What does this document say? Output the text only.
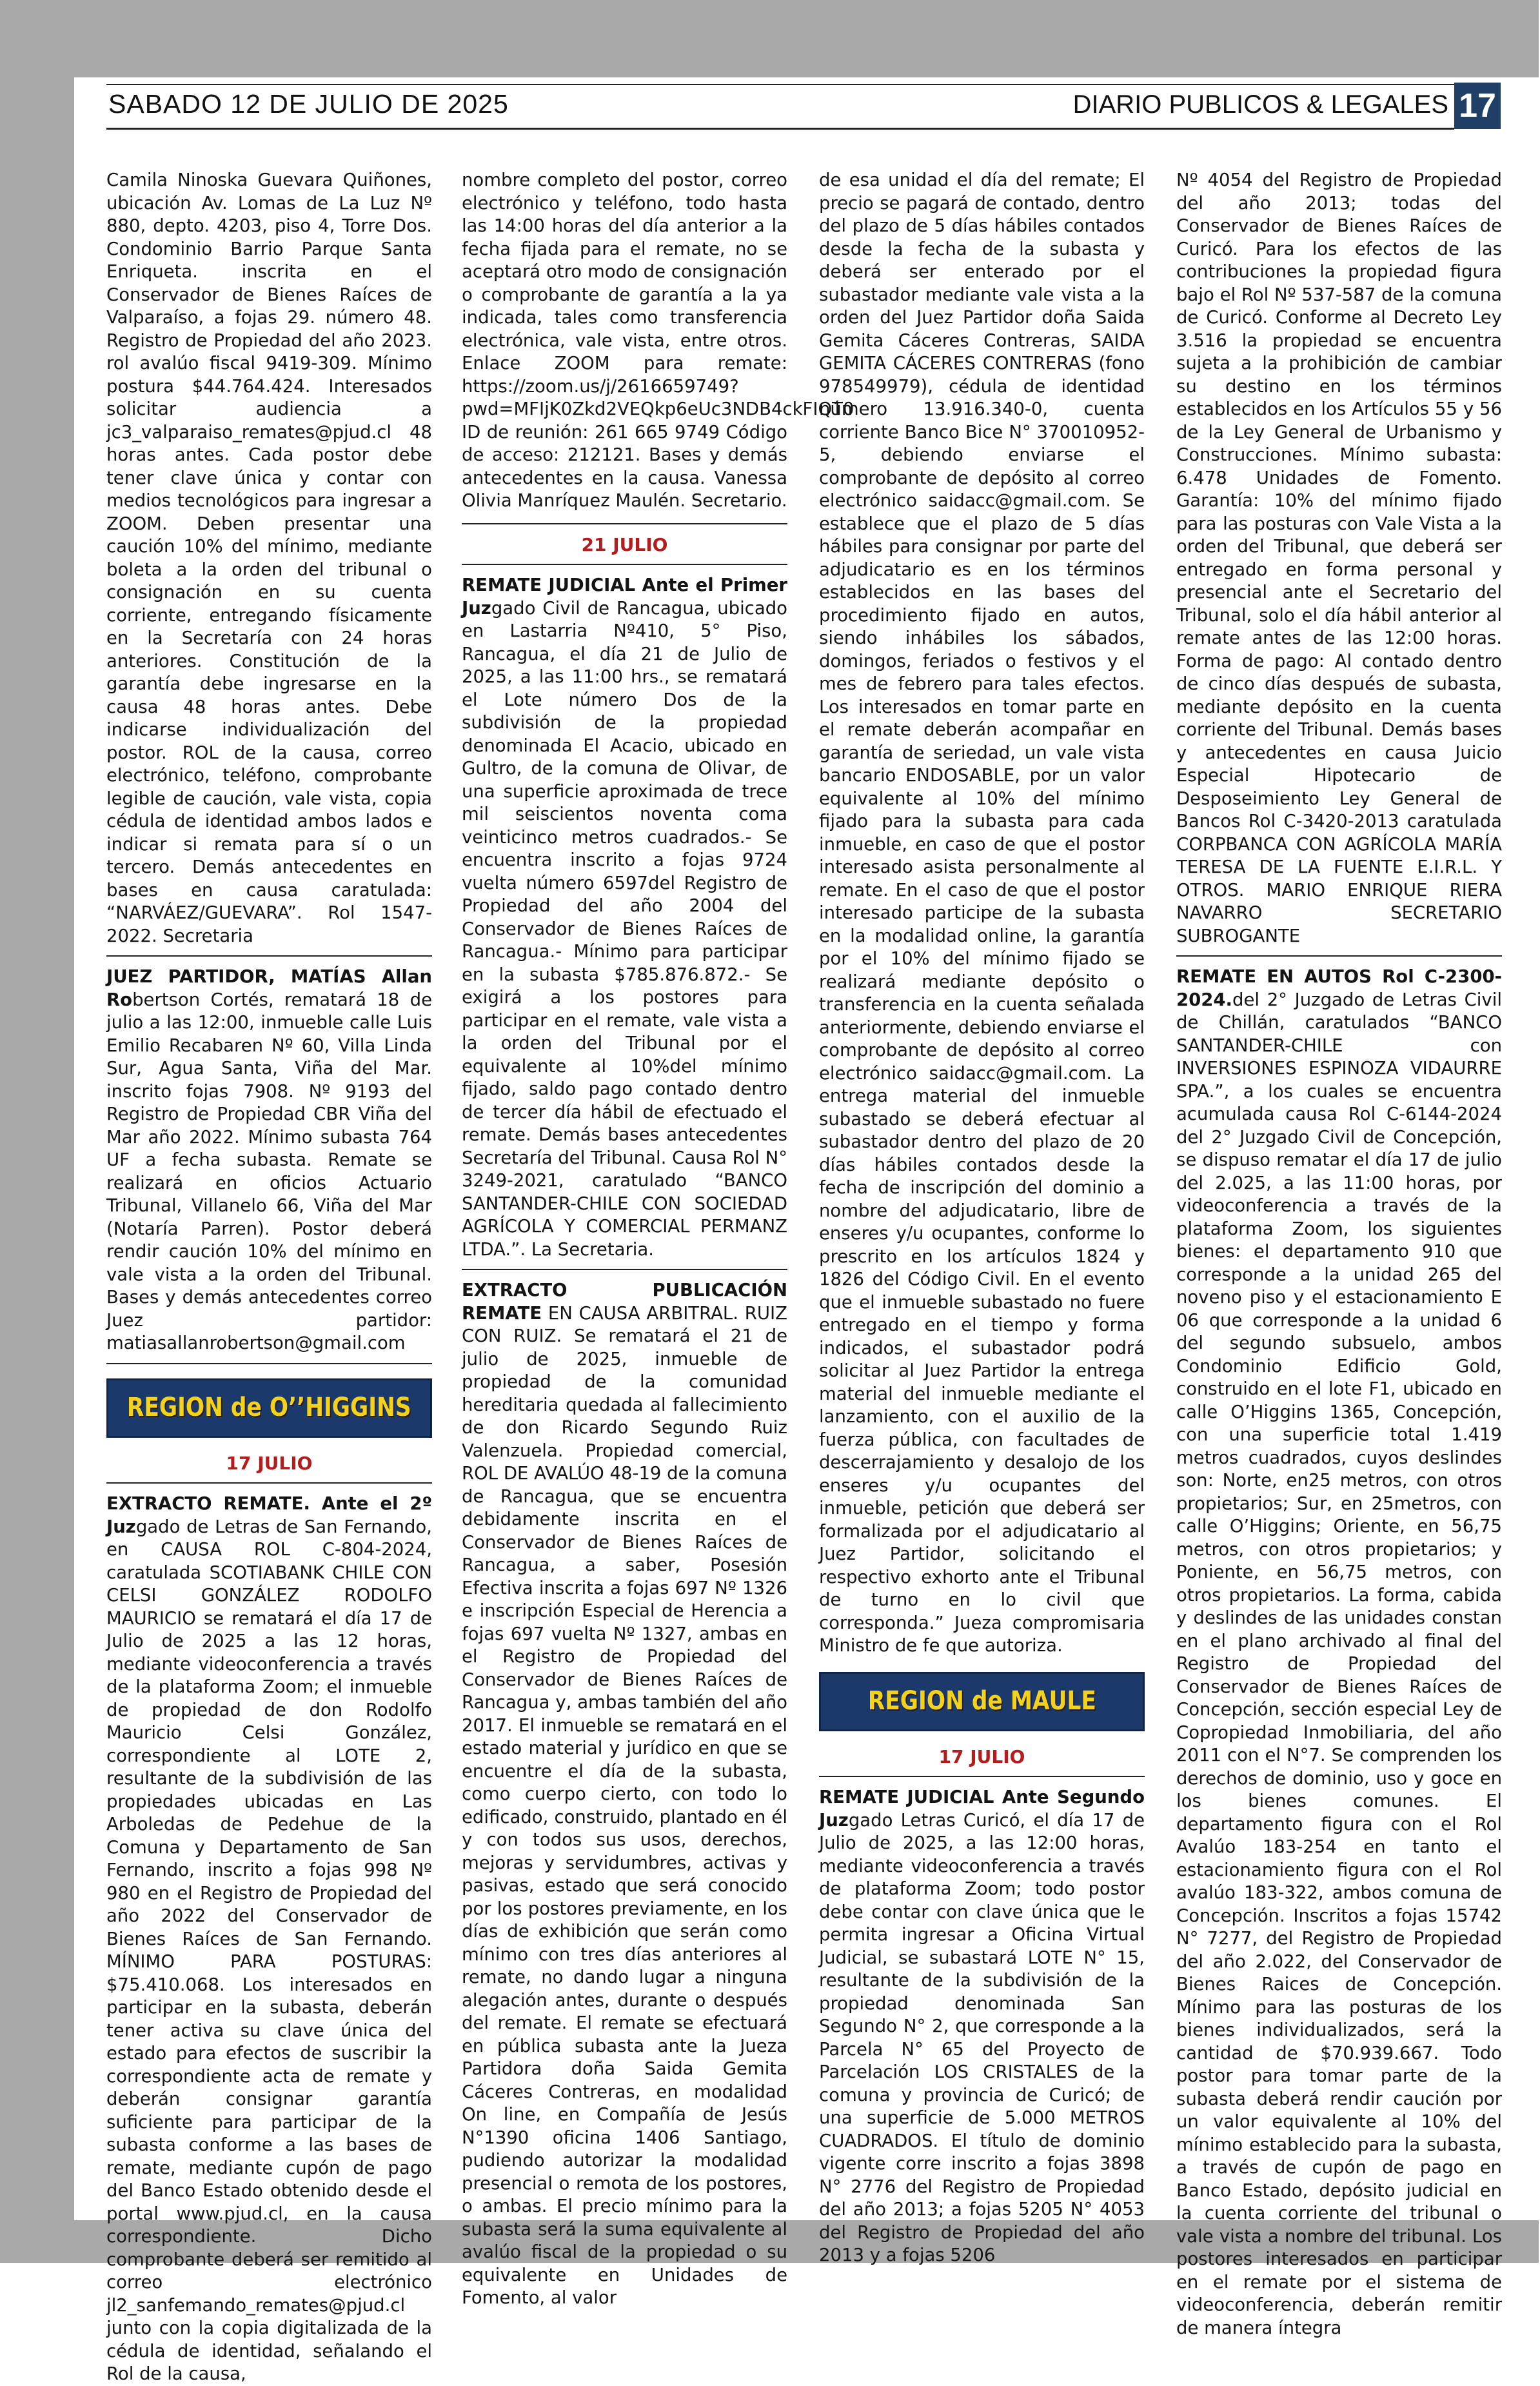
SABADO 12 DE JULIO DE 2025	DIARIO PUBLICOS & LEGALES 17

Camila Ninoska Guevara Quiñones, ubicación Av. Lomas de La Luz Nº 880, depto. 4203, piso 4, Torre Dos. Condominio Barrio Parque Santa Enriqueta. inscrita en el Conservador de Bienes Raíces de Valparaíso, a fojas 29. número 48. Registro de Propiedad del año 2023. rol avalúo fiscal 9419-309. Mínimo postura $44.764.424. Interesados solicitar audiencia a jc3_valparaiso_remates@pjud.cl 48 horas antes. Cada postor debe tener clave única y contar con medios tecnológicos para ingresar a ZOOM. Deben presentar una caución 10% del mínimo, mediante boleta a la orden del tribunal o consignación en su cuenta corriente, entregando físicamente en la Secretaría con 24 horas anteriores. Constitución de la garantía debe ingresarse en la causa 48 horas antes. Debe indicarse individualización del postor. ROL de la causa, correo electrónico, teléfono, comprobante legible de caución, vale vista, copia cédula de identidad ambos lados e indicar si remata para sí o un tercero. Demás antecedentes en bases en causa caratulada: “NARVÁEZ/GUEVARA”. Rol 1547-2022. Secretaria

JUEZ PARTIDOR, MATÍAS Allan Robertson Cortés, rematará 18 de julio a las 12:00, inmueble calle Luis Emilio Recabaren Nº 60, Villa Linda Sur, Agua Santa, Viña del Mar. inscrito fojas 7908. Nº 9193 del Registro de Propiedad CBR Viña del Mar año 2022. Mínimo subasta 764 UF a fecha subasta. Remate se realizará en oficios Actuario Tribunal, Villanelo 66, Viña del Mar (Notaría Parren). Postor deberá rendir caución 10% del mínimo en vale vista a la orden del Tribunal. Bases y demás antecedentes correo Juez partidor: matiasallanrobertson@gmail.com

REGION de O’’HIGGINS
17 JULIO

EXTRACTO REMATE. Ante el 2º Juzgado de Letras de San Fernando, en CAUSA ROL C-804-2024, caratulada SCOTIABANK CHILE CON CELSI GONZÁLEZ RODOLFO MAURICIO se rematará el día 17 de Julio de 2025 a las 12 horas, mediante videoconferencia a través de la plataforma Zoom; el inmueble de propiedad de don Rodolfo Mauricio Celsi González, correspondiente al LOTE 2, resultante de la subdivisión de las propiedades ubicadas en Las Arboledas de Pedehue de la Comuna y Departamento de San Fernando, inscrito a fojas 998 Nº 980 en el Registro de Propiedad del año 2022 del Conservador de Bienes Raíces de San Fernando. MÍNIMO PARA POSTURAS: $75.410.068. Los interesados en participar en la subasta, deberán tener activa su clave única del estado para efectos de suscribir la correspondiente acta de remate y deberán consignar garantía suficiente para participar de la subasta conforme a las bases de remate, mediante cupón de pago del Banco Estado obtenido desde el portal www.pjud.cl, en la causa correspondiente. Dicho comprobante deberá ser remitido al correo electrónico jl2_sanfemando_remates@pjud.cl junto con la copia digitalizada de la cédula de identidad, señalando el Rol de la causa,

nombre completo del postor, correo electrónico y teléfono, todo hasta las 14:00 horas del día anterior a la fecha fijada para el remate, no se aceptará otro modo de consignación o comprobante de garantía a la ya indicada, tales como transferencia electrónica, vale vista, entre otros. Enlace ZOOM para remate: https://zoom.us/j/2616659749?pwd=MFIjK0Zkd2VEQkp6eUc3NDB4ckFIQT0 ID de reunión: 261 665 9749 Código de acceso: 212121. Bases y demás antecedentes en la causa. Vanessa Olivia Manríquez Maulén. Secretario.

21 JULIO

REMATE JUDICIAL Ante el Primer Juzgado Civil de Rancagua, ubicado en Lastarria Nº410, 5° Piso, Rancagua, el día 21 de Julio de 2025, a las 11:00 hrs., se rematará el Lote número Dos de la subdivisión de la propiedad denominada El Acacio, ubicado en Gultro, de la comuna de Olivar, de una superficie aproximada de trece mil seiscientos noventa coma veinticinco metros cuadrados.- Se encuentra inscrito a fojas 9724 vuelta número 6597del Registro de Propiedad del año 2004 del Conservador de Bienes Raíces de Rancagua.- Mínimo para participar en la subasta $785.876.872.- Se exigirá a los postores para participar en el remate, vale vista a la orden del Tribunal por el equivalente al 10%del mínimo fijado, saldo pago contado dentro de tercer día hábil de efectuado el remate. Demás bases antecedentes Secretaría del Tribunal. Causa Rol N° 3249-2021, caratulado “BANCO SANTANDER-CHILE CON SOCIEDAD AGRÍCOLA Y COMERCIAL PERMANZ LTDA.”. La Secretaria.

EXTRACTO PUBLICACIÓN REMATE EN CAUSA ARBITRAL. RUIZ CON RUIZ. Se rematará el 21 de julio de 2025, inmueble de propiedad de la comunidad hereditaria quedada al fallecimiento de don Ricardo Segundo Ruiz Valenzuela. Propiedad comercial, ROL DE AVALÚO 48-19 de la comuna de Rancagua, que se encuentra debidamente inscrita en el Conservador de Bienes Raíces de Rancagua, a saber, Posesión Efectiva inscrita a fojas 697 Nº 1326 e inscripción Especial de Herencia a fojas 697 vuelta Nº 1327, ambas en el Registro de Propiedad del Conservador de Bienes Raíces de Rancagua y, ambas también del año 2017. El inmueble se rematará en el estado material y jurídico en que se encuentre el día de la subasta, como cuerpo cierto, con todo lo edificado, construido, plantado en él y con todos sus usos, derechos, mejoras y servidumbres, activas y pasivas, estado que será conocido por los postores previamente, en los días de exhibición que serán como mínimo con tres días anteriores al remate, no dando lugar a ninguna alegación antes, durante o después del remate. El remate se efectuará en pública subasta ante la Jueza Partidora doña Saida Gemita Cáceres Contreras, en modalidad On line, en Compañía de Jesús N°1390 oficina 1406 Santiago, pudiendo autorizar la modalidad presencial o remota de los postores, o ambas. El precio mínimo para la subasta será la suma equivalente al avalúo fiscal de la propiedad o su equivalente en Unidades de Fomento, al valor

de esa unidad el día del remate; El precio se pagará de contado, dentro del plazo de 5 días hábiles contados desde la fecha de la subasta y deberá ser enterado por el subastador mediante vale vista a la orden del Juez Partidor doña Saida Gemita Cáceres Contreras, SAIDA GEMITA CÁCERES CONTRERAS (fono 978549979), cédula de identidad número 13.916.340-0, cuenta corriente Banco Bice N° 370010952-5, debiendo enviarse el comprobante de depósito al correo electrónico saidacc@gmail.com. Se establece que el plazo de 5 días hábiles para consignar por parte del adjudicatario es en los términos establecidos en las bases del procedimiento fijado en autos, siendo inhábiles los sábados, domingos, feriados o festivos y el mes de febrero para tales efectos. Los interesados en tomar parte en el remate deberán acompañar en garantía de seriedad, un vale vista bancario ENDOSABLE, por un valor equivalente al 10% del mínimo fijado para la subasta para cada inmueble, en caso de que el postor interesado asista personalmente al remate. En el caso de que el postor interesado participe de la subasta en la modalidad online, la garantía por el 10% del mínimo fijado se realizará mediante depósito o transferencia en la cuenta señalada anteriormente, debiendo enviarse el comprobante de depósito al correo electrónico saidacc@gmail.com. La entrega material del inmueble subastado se deberá efectuar al subastador dentro del plazo de 20 días hábiles contados desde la fecha de inscripción del dominio a nombre del adjudicatario, libre de enseres y/u ocupantes, conforme lo prescrito en los artículos 1824 y 1826 del Código Civil. En el evento que el inmueble subastado no fuere entregado en el tiempo y forma indicados, el subastador podrá solicitar al Juez Partidor la entrega material del inmueble mediante el lanzamiento, con el auxilio de la fuerza pública, con facultades de descerrajamiento y desalojo de los enseres y/u ocupantes del inmueble, petición que deberá ser formalizada por el adjudicatario al Juez Partidor, solicitando el respectivo exhorto ante el Tribunal de turno en lo civil que corresponda.” Jueza compromisaria Ministro de fe que autoriza.

REGION de MAULE
17 JULIO

REMATE JUDICIAL Ante Segundo Juzgado Letras Curicó, el día 17 de Julio de 2025, a las 12:00 horas, mediante videoconferencia a través de plataforma Zoom; todo postor debe contar con clave única que le permita ingresar a Oficina Virtual Judicial, se subastará LOTE N° 15, resultante de la subdivisión de la propiedad denominada San Segundo N° 2, que corresponde a la Parcela N° 65 del Proyecto de Parcelación LOS CRISTALES de la comuna y provincia de Curicó; de una superficie de 5.000 METROS CUADRADOS. El título de dominio vigente corre inscrito a fojas 3898 N° 2776 del Registro de Propiedad del año 2013; a fojas 5205 N° 4053 del Registro de Propiedad del año 2013 y a fojas 5206

Nº 4054 del Registro de Propiedad del año 2013; todas del Conservador de Bienes Raíces de Curicó. Para los efectos de las contribuciones la propiedad figura bajo el Rol Nº 537-587 de la comuna de Curicó. Conforme al Decreto Ley 3.516 la propiedad se encuentra sujeta a la prohibición de cambiar su destino en los términos establecidos en los Artículos 55 y 56 de la Ley General de Urbanismo y Construcciones. Mínimo subasta: 6.478 Unidades de Fomento. Garantía: 10% del mínimo fijado para las posturas con Vale Vista a la orden del Tribunal, que deberá ser entregado en forma personal y presencial ante el Secretario del Tribunal, solo el día hábil anterior al remate antes de las 12:00 horas. Forma de pago: Al contado dentro de cinco días después de subasta, mediante depósito en la cuenta corriente del Tribunal. Demás bases y antecedentes en causa Juicio Especial Hipotecario de Desposeimiento Ley General de Bancos Rol C-3420-2013 caratulada CORPBANCA CON AGRÍCOLA MARÍA TERESA DE LA FUENTE E.I.R.L. Y OTROS. MARIO ENRIQUE RIERA NAVARRO SECRETARIO SUBROGANTE

REMATE EN AUTOS Rol C-2300-2024.del 2° Juzgado de Letras Civil de Chillán, caratulados “BANCO SANTANDER-CHILE con INVERSIONES ESPINOZA VIDAURRE SPA.”, a los cuales se encuentra acumulada causa Rol C-6144-2024 del 2° Juzgado Civil de Concepción, se dispuso rematar el día 17 de julio del 2.025, a las 11:00 horas, por videoconferencia a través de la plataforma Zoom, los siguientes bienes: el departamento 910 que corresponde a la unidad 265 del noveno piso y el estacionamiento E 06 que corresponde a la unidad 6 del segundo subsuelo, ambos Condominio Edificio Gold, construido en el lote F1, ubicado en calle O’Higgins 1365, Concepción, con una superficie total 1.419 metros cuadrados, cuyos deslindes son: Norte, en25 metros, con otros propietarios; Sur, en 25metros, con calle O’Higgins; Oriente, en 56,75 metros, con otros propietarios; y Poniente, en 56,75 metros, con otros propietarios. La forma, cabida y deslindes de las unidades constan en el plano archivado al final del Registro de Propiedad del Conservador de Bienes Raíces de Concepción, sección especial Ley de Copropiedad Inmobiliaria, del año 2011 con el N°7. Se comprenden los derechos de dominio, uso y goce en los bienes comunes. El departamento figura con el Rol Avalúo 183-254 en tanto el estacionamiento figura con el Rol avalúo 183-322, ambos comuna de Concepción. Inscritos a fojas 15742 N° 7277, del Registro de Propiedad del año 2.022, del Conservador de Bienes Raices de Concepción. Mínimo para las posturas de los bienes individualizados, será la cantidad de $70.939.667. Todo postor para tomar parte de la subasta deberá rendir caución por un valor equivalente al 10% del mínimo establecido para la subasta, a través de cupón de pago en Banco Estado, depósito judicial en la cuenta corriente del tribunal o vale vista a nombre del tribunal. Los postores interesados en participar en el remate por el sistema de videoconferencia, deberán remitir de manera íntegra
